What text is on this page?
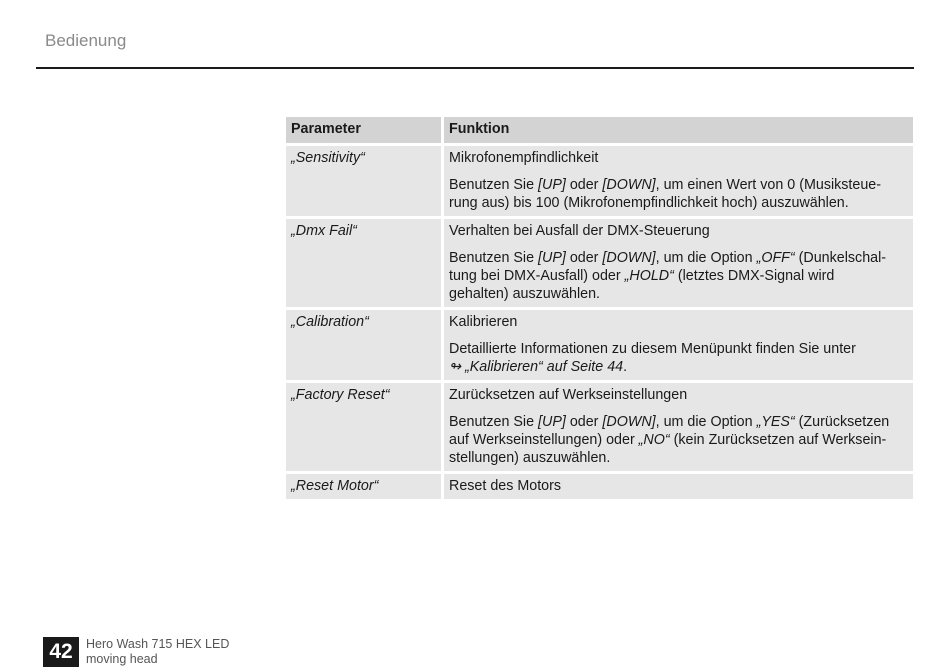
Bedienung
Parameter	Funktion
„Sensitivity“	Mikrofonempfindlichkeit
Benutzen Sie [UP] oder [DOWN], um einen Wert von 0 (Musiksteue-
rung aus) bis 100 (Mikrofonempfindlichkeit hoch) auszuwählen.

„Dmx Fail“	Verhalten bei Ausfall der DMX-Steuerung
Benutzen Sie [UP] oder [DOWN], um die Option „OFF“ (Dunkelschal-
tung bei DMX-Ausfall) oder „HOLD“ (letztes DMX-Signal wird
gehalten) auszuwählen.

„Calibration“	Kalibrieren
Detaillierte Informationen zu diesem Menüpunkt finden Sie unter
↬ „Kalibrieren“ auf Seite 44.

„Factory Reset“	Zurücksetzen auf Werkseinstellungen
Benutzen Sie [UP] oder [DOWN], um die Option „YES“ (Zurücksetzen
auf Werkseinstellungen) oder „NO“ (kein Zurücksetzen auf Werksein-
stellungen) auszuwählen.

„Reset Motor“	Reset des Motors
42	Hero Wash 715 HEX LED
moving head
